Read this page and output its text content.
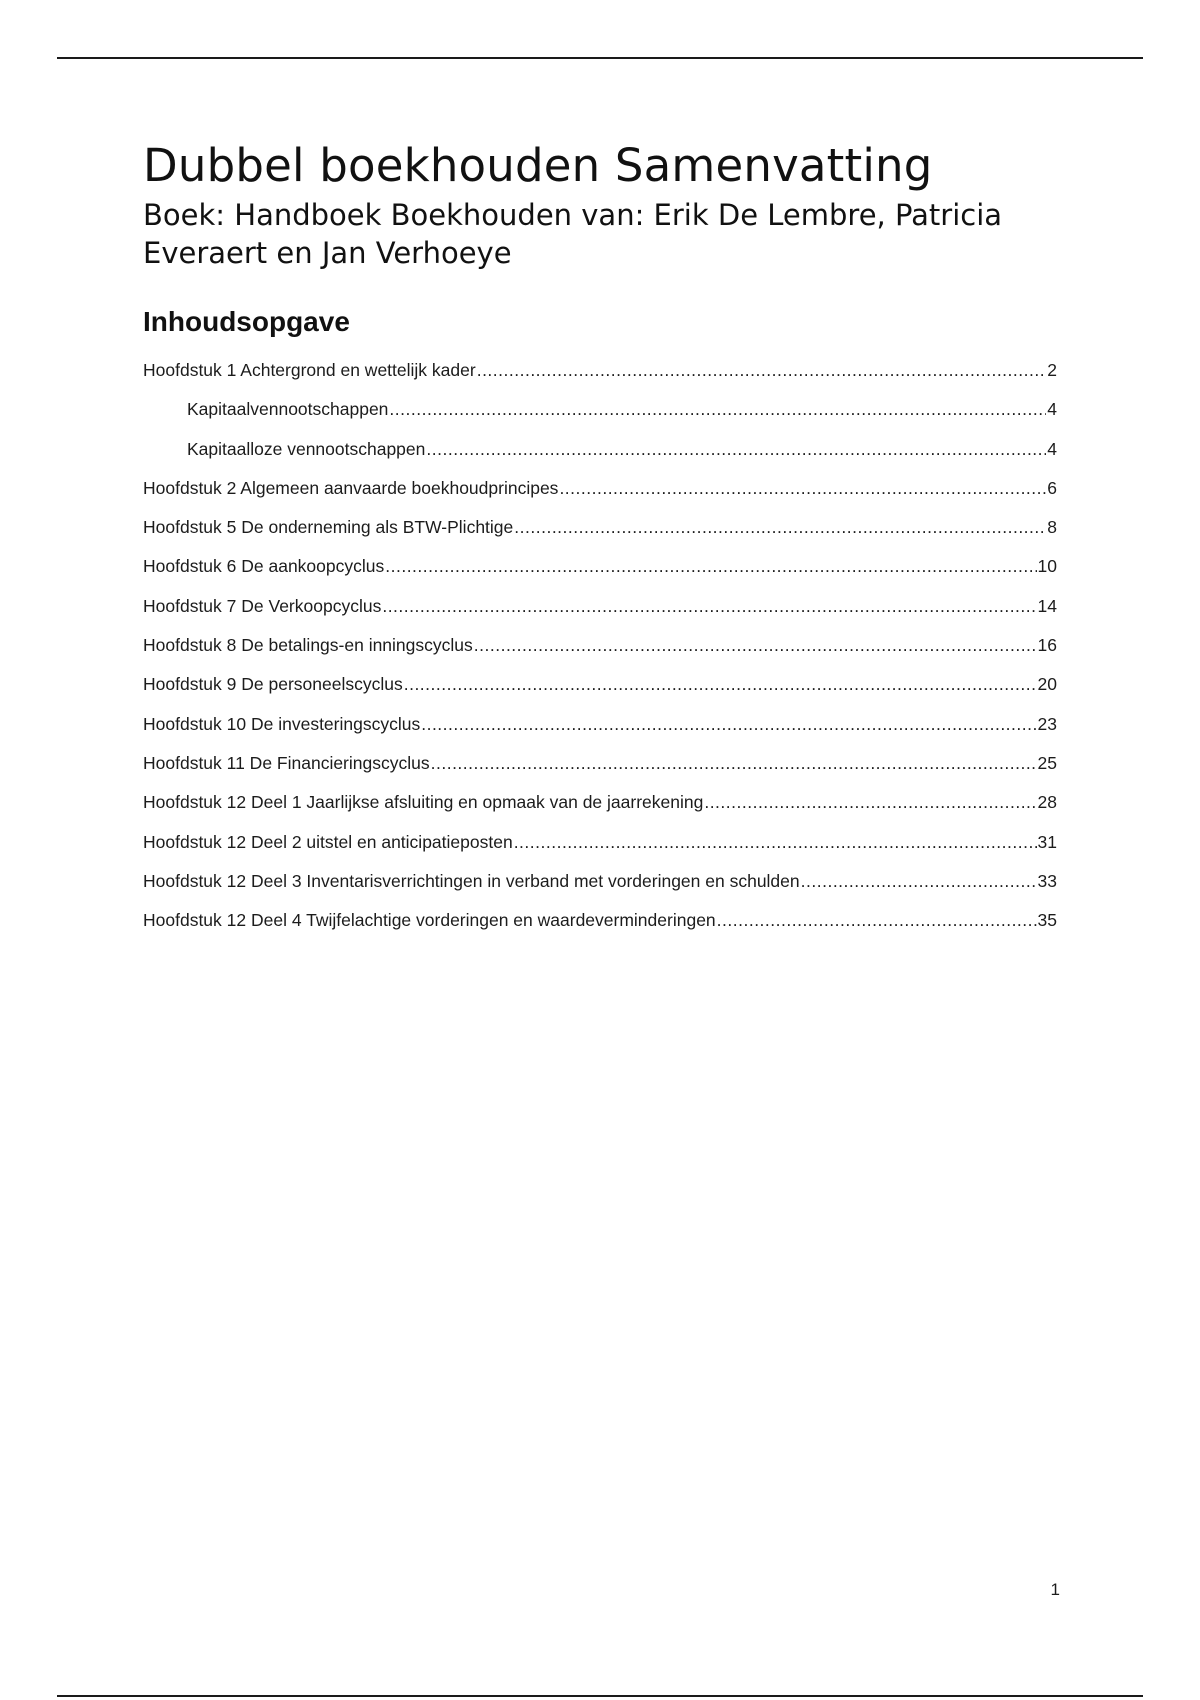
Dubbel boekhouden Samenvatting
Boek: Handboek Boekhouden van: Erik De Lembre, Patricia Everaert en Jan Verhoeye
Inhoudsopgave
Hoofdstuk 1 Achtergrond en wettelijk kader .....	2
Kapitaalvennootschappen .....	4
Kapitaalloze vennootschappen .....	4
Hoofdstuk 2 Algemeen aanvaarde boekhoudprincipes .....	6
Hoofdstuk 5 De onderneming als BTW-Plichtige .....	8
Hoofdstuk 6 De aankoopcyclus .....	10
Hoofdstuk 7 De Verkoopcyclus .....	14
Hoofdstuk 8 De betalings-en inningscyclus .....	16
Hoofdstuk 9 De personeelscyclus .....	20
Hoofdstuk 10 De investeringscyclus .....	23
Hoofdstuk 11 De Financieringscyclus .....	25
Hoofdstuk 12 Deel 1 Jaarlijkse afsluiting en opmaak van de jaarrekening .....	28
Hoofdstuk 12 Deel 2 uitstel en anticipatieposten .....	31
Hoofdstuk 12 Deel 3 Inventarisverrichtingen in verband met vorderingen en schulden .....	33
Hoofdstuk 12 Deel 4 Twijfelachtige vorderingen en waardeverminderingen .....	35
1
